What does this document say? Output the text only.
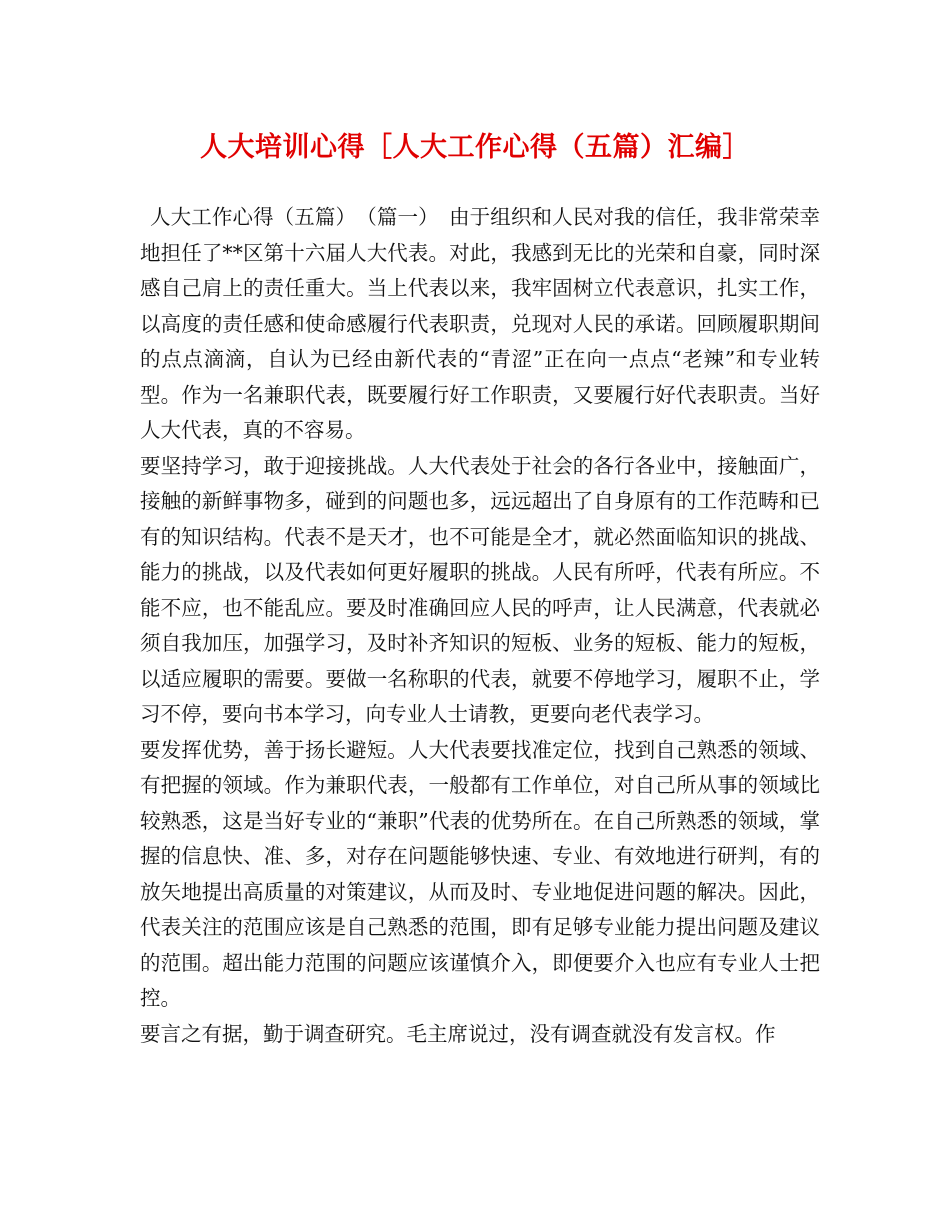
人大培训心得［人大工作心得（五篇）汇编］

人大工作心得（五篇）　（篇一）　由于组织和人民对我的信任，我非常荣幸地担任了**区第十六届人大代表。对此，我感到无比的光荣和自豪，同时深感自己肩上的责任重大。当上代表以来，我牢固树立代表意识，扎实工作，以高度的责任感和使命感履行代表职责，兑现对人民的承诺。回顾履职期间的点点滴滴，自认为已经由新代表的“青涩”正在向一点点“老辣”和专业转型。作为一名兼职代表，既要履行好工作职责，又要履行好代表职责。当好人大代表，真的不容易。

要坚持学习，敢于迎接挑战。人大代表处于社会的各行各业中，接触面广，接触的新鲜事物多，碰到的问题也多，远远超出了自身原有的工作范畴和已有的知识结构。代表不是天才，也不可能是全才，就必然面临知识的挑战、能力的挑战，以及代表如何更好履职的挑战。人民有所呼，代表有所应。不能不应，也不能乱应。要及时准确回应人民的呼声，让人民满意，代表就必须自我加压，加强学习，及时补齐知识的短板、业务的短板、能力的短板，以适应履职的需要。要做一名称职的代表，就要不停地学习，履职不止，学习不停，要向书本学习，向专业人士请教，更要向老代表学习。

要发挥优势，善于扬长避短。人大代表要找准定位，找到自己熟悉的领域、有把握的领域。作为兼职代表，一般都有工作单位，对自己所从事的领域比较熟悉，这是当好专业的“兼职”代表的优势所在。在自己所熟悉的领域，掌握的信息快、准、多，对存在问题能够快速、专业、有效地进行研判，有的放矢地提出高质量的对策建议，从而及时、专业地促进问题的解决。因此，代表关注的范围应该是自己熟悉的范围，即有足够专业能力提出问题及建议的范围。超出能力范围的问题应该谨慎介入，即便要介入也应有专业人士把控。

要言之有据，勤于调查研究。毛主席说过，没有调查就没有发言权。作
